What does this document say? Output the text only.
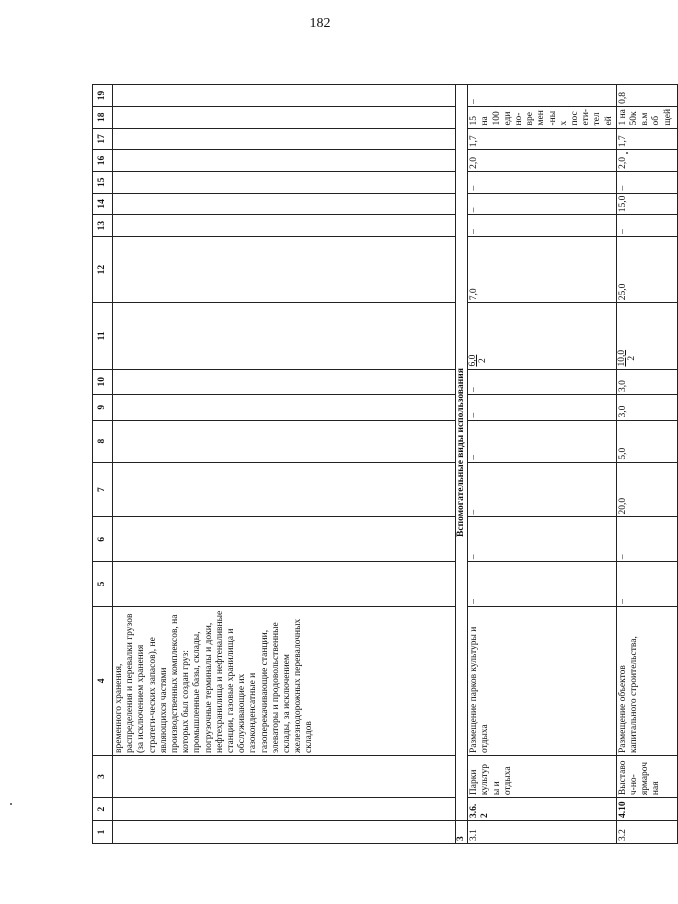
182
1	2	3	4	5	6	7	8	9	10	11	12	13	14	15	16	17	18	19
			временного хранения, распределения и перевалки грузов (за исключением хранения стратеги-ческих запасов), не являющихся частями производственных комплексов, на которых был создан груз: промышленные базы, склады, погрузочные терминалы и доки, нефтехранилища и нефтеналивные станции, газовые хранилища и обслуживающие их газоконденсатные и газоперекачивающие станции, элеваторы и продовольственные склады, за исключением железнодорожных перевалочных складов															
3	Вспомогательные виды использования																	
3.1	3.6.2	Парки культуры и отдыха	Размещение парков культуры и отдыха	–	–	–	–	–	–	6,0 2	7,0	–	–	–	2,0	1,7	15 на 100 едино-времен-ных посети-телей	–
3.2	4.10	Выставоч-но-ярмарочная	Размещение объектов капитального строительства,	–	–	20,0	5,0	3,0	3,0	10,0 2	25,0	–	15,0	–	2,0	1,7	1 на 50кв.м общей	0,8
